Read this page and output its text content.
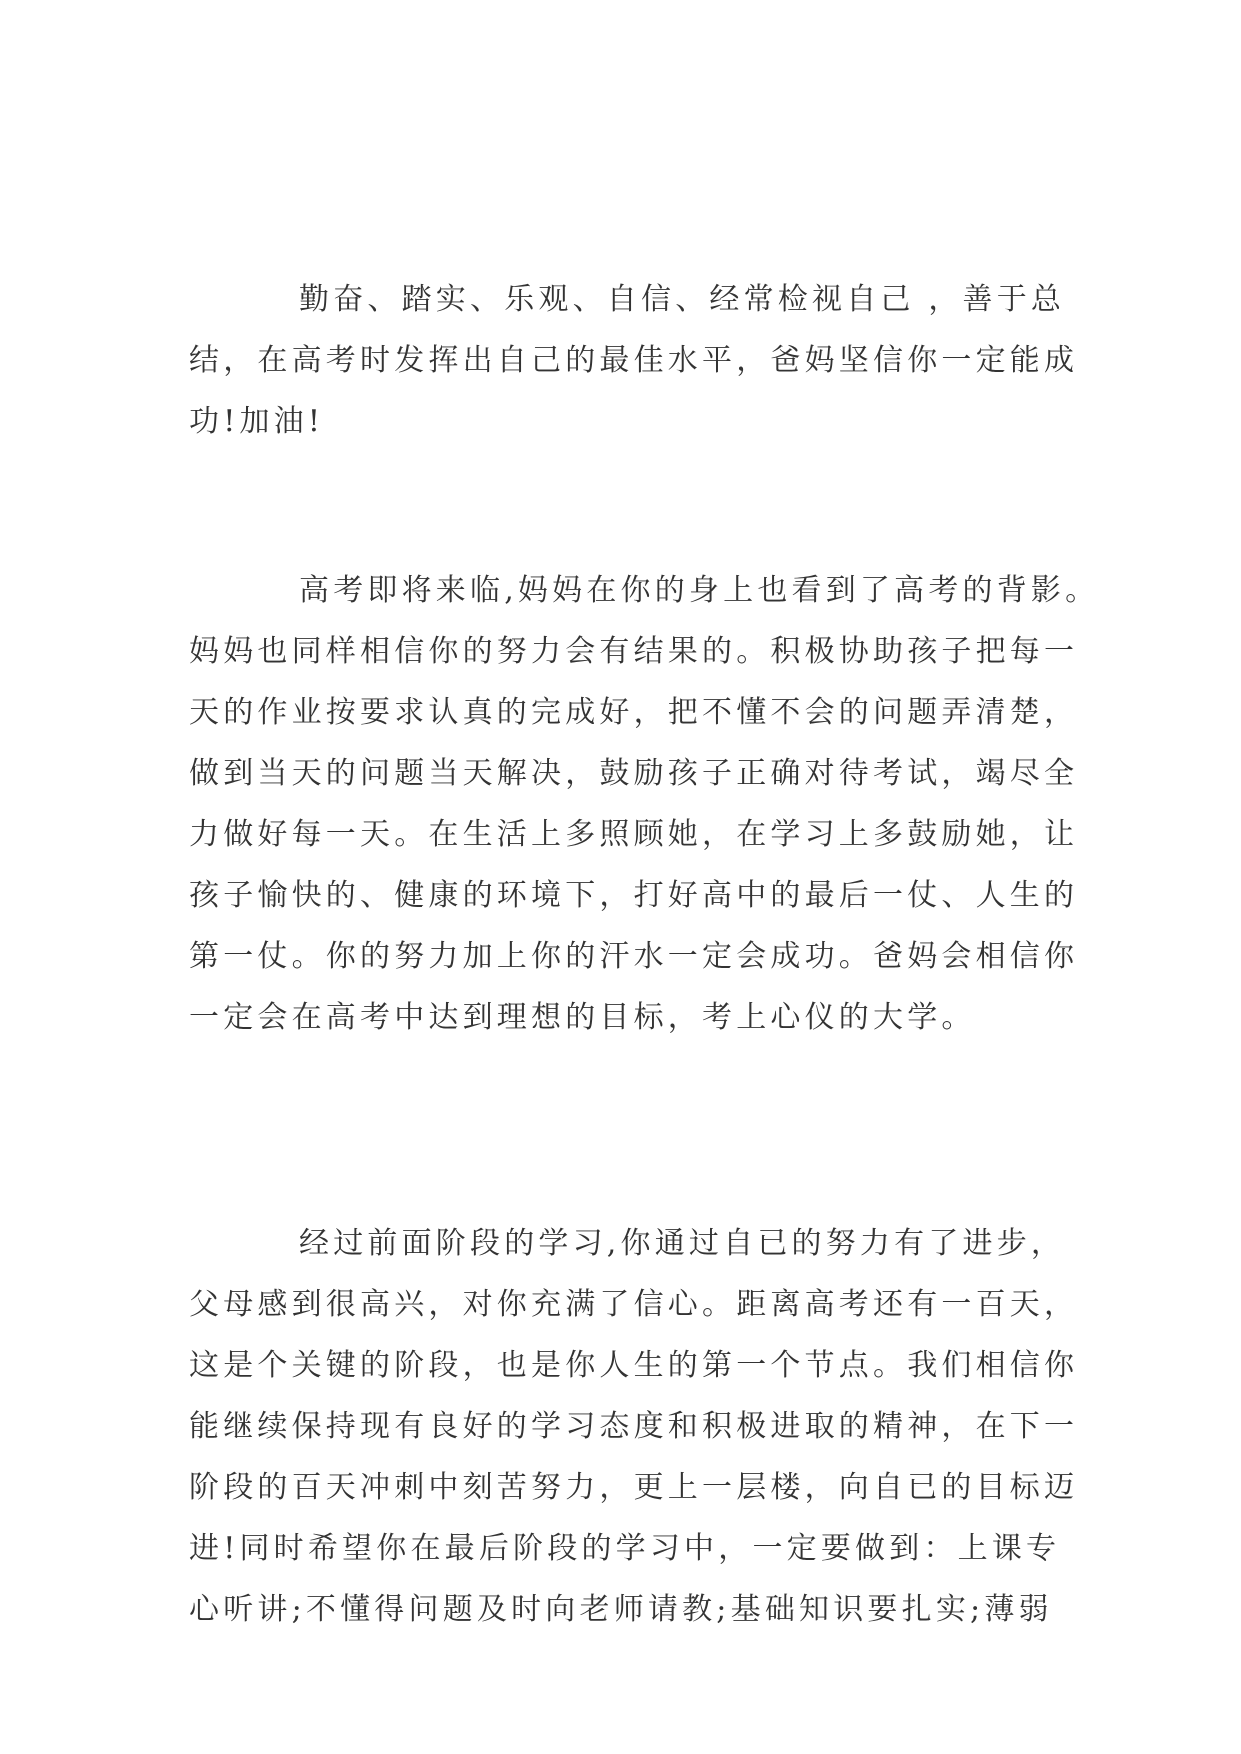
勤奋、踏实、乐观、自信、经常检视自己 ，善于总
结，在高考时发挥出自己的最佳水平，爸妈坚信你一定能成
功!加油!
高考即将来临,妈妈在你的身上也看到了高考的背影。
妈妈也同样相信你的努力会有结果的。积极协助孩子把每一
天的作业按要求认真的完成好，把不懂不会的问题弄清楚，
做到当天的问题当天解决，鼓励孩子正确对待考试，竭尽全
力做好每一天。在生活上多照顾她，在学习上多鼓励她，让
孩子愉快的、健康的环境下，打好高中的最后一仗、人生的
第一仗。你的努力加上你的汗水一定会成功。爸妈会相信你
一定会在高考中达到理想的目标，考上心仪的大学。
经过前面阶段的学习,你通过自已的努力有了进步，
父母感到很高兴，对你充满了信心。距离高考还有一百天，
这是个关键的阶段，也是你人生的第一个节点。我们相信你
能继续保持现有良好的学习态度和积极进取的精神，在下一
阶段的百天冲刺中刻苦努力，更上一层楼，向自已的目标迈
进!同时希望你在最后阶段的学习中，一定要做到：上课专
心听讲;不懂得问题及时向老师请教;基础知识要扎实;薄弱
